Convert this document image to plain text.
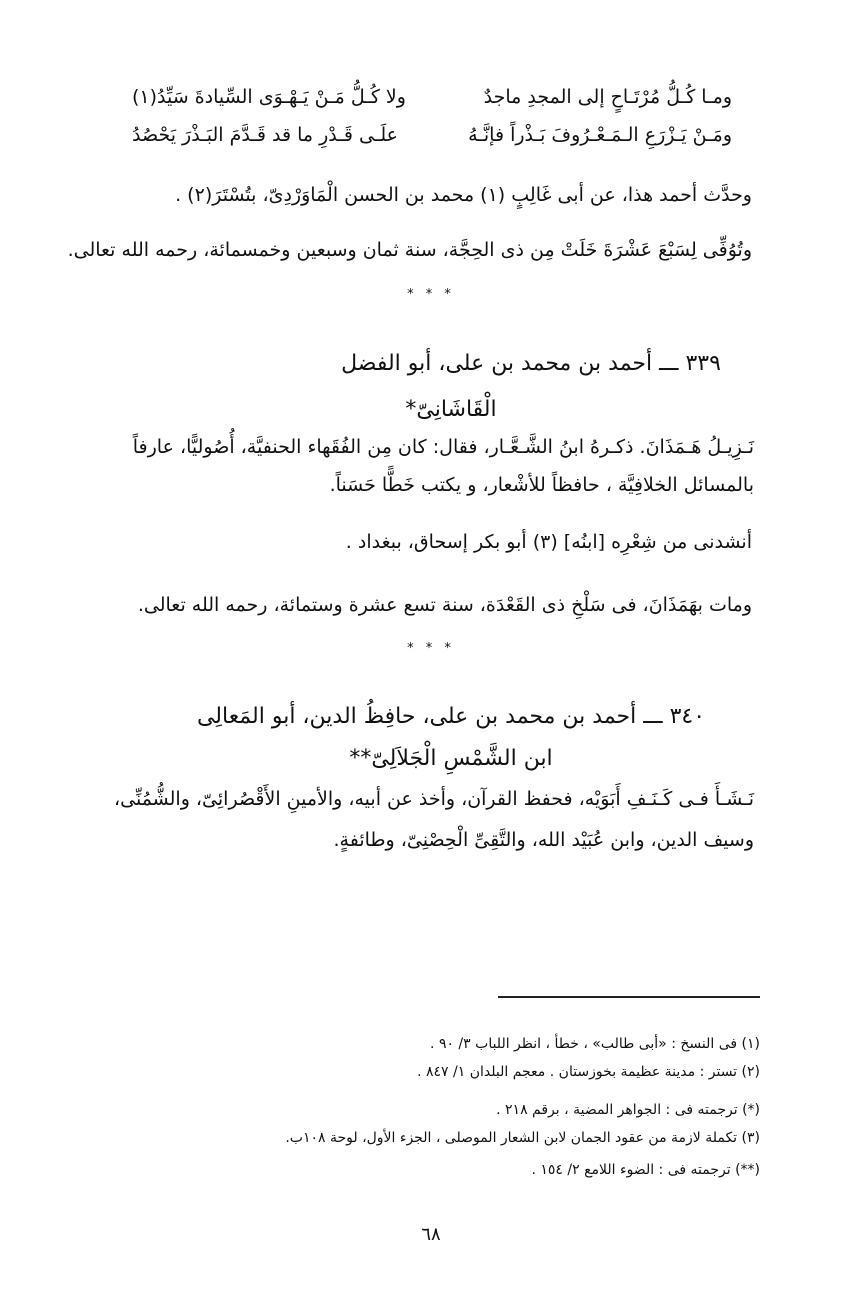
ومـا كُـلُّ مُرْتَـاحٍ إلى المجدِ ماجدٌ
ولا كُـلُّ مَـنْ يَـهْـوَى السِّيادةَ سَيِّدُ(١)
ومَـنْ يَـزْرَعِ الـمَـعْـرُوفَ بَـذْراً فإنَّـهُ
علَـى قَـدْرِ ما قد قَـدَّمَ البَـذْرَ يَحْصُدُ
وحدَّث أحمد هذا، عن أبى غَالِبٍ (١) محمد بن الحسن الْمَاوَرْدِىّ، بتُسْتَرَ(٢) .
وتُوُفِّى لِسَبْعَ عَشْرَةَ خَلَتْ مِن ذى الحِجَّة، سنة ثمان وسبعين وخمسمائة، رحمه الله تعالى.
* * *
٣٣٩ ـــ أحمد بن محمد بن على، أبو الفضل
الْقَاشَانِىّ*
نَـزِيـلُ هَـمَذَانَ. ذكـرهُ ابنُ الشَّـعَّـار، فقال: كان مِن الفُقَهاء الحنفيَّة، أُصُوليًّا، عارفاً
بالمسائل الخلافِيَّة ، حافظاً للأشْعار، و يكتب خَطًّا حَسَناً.
أنشدنى من شِعْرِه [ابنُه] (٣) أبو بكر إسحاق، ببغداد .
ومات بهَمَذَانَ، فى سَلْخِ ذى القَعْدَة، سنة تسع عشرة وستمائة، رحمه الله تعالى.
* * *
٣٤٠ ـــ أحمد بن محمد بن على، حافِظُ الدين، أبو المَعالِى
ابن الشَّمْسِ الْجَلاَلِىّ**
نَـشَـأَ فـى كَـنَـفِ أَبَوَيْه، فحفظ القرآن، وأخذ عن أبيه، والأمينِ الأَقْصُرائِىّ، والشُّمُنِّى،
وسيف الدين، وابن عُبَيْد الله، والتَّقِىِّ الْحِصْنِىّ، وطائفةٍ.
(١) فى النسخ : «أبى طالب» ، خطأ ، انظر اللباب ٣/ ٩٠ .
(٢) تستر : مدينة عظيمة بخوزستان . معجم البلدان ١/ ٨٤٧ .
(*) ترجمته فى : الجواهر المضية ، برقم ٢١٨ .
(٣) تكملة لازمة من عقود الجمان لابن الشعار الموصلى ، الجزء الأول، لوحة ١٠٨ب.
(**) ترجمته فى : الضوء اللامع ٢/ ١٥٤ .
٦٨
